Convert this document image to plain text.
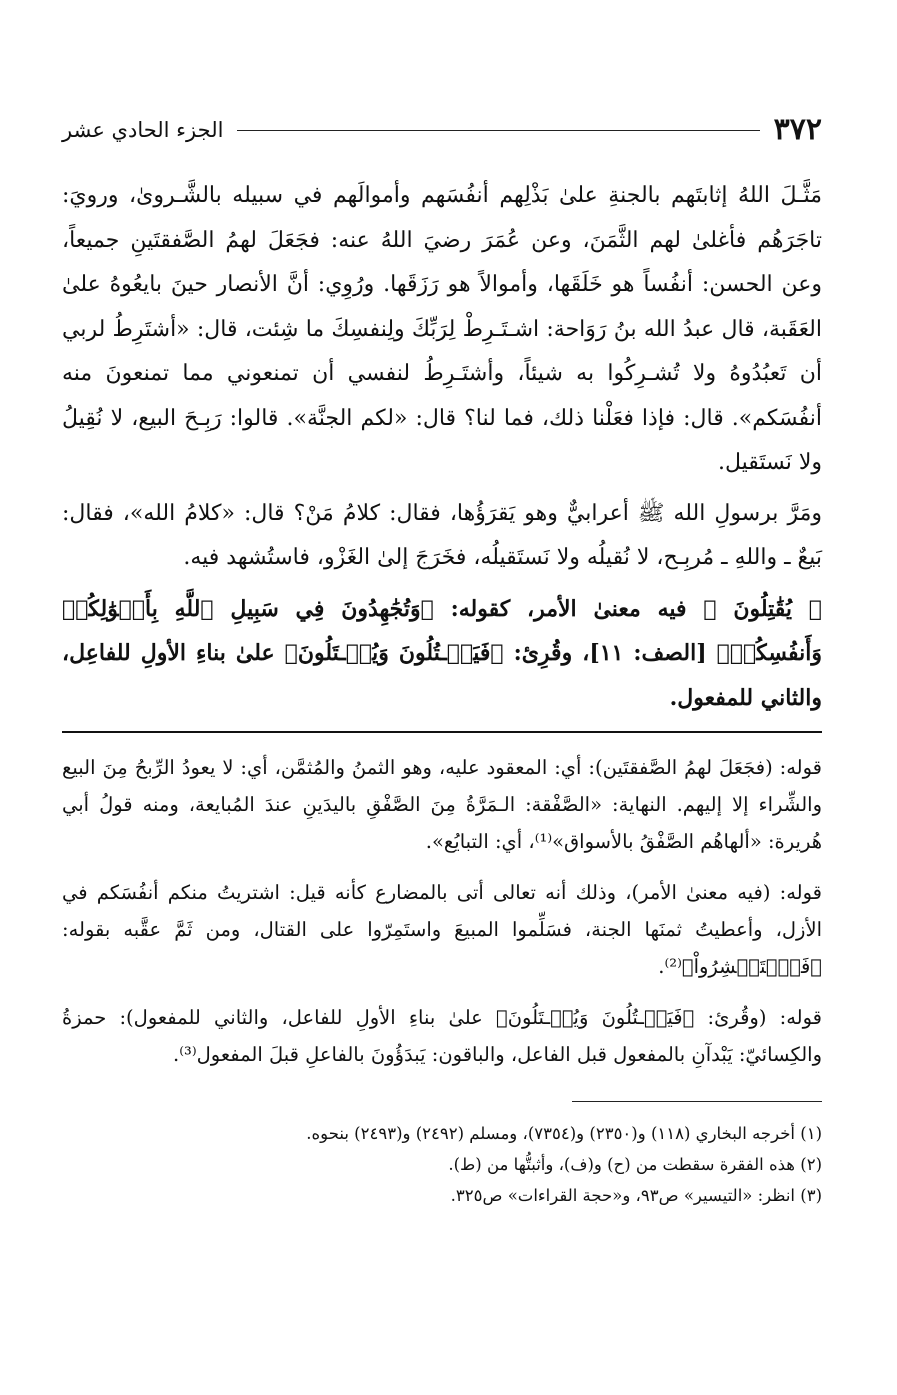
٣٧٢
الجزء الحادي عشر

مَثَّـلَ اللهُ إثابتَهم بالجنةِ علىٰ بَذْلِهم أنفُسَهم وأموالَهم في سبيله بالشَّـروىٰ، ورويَ: تاجَرَهُم فأغلىٰ لهم الثَّمَنَ، وعن عُمَرَ رضيَ اللهُ عنه: فجَعَلَ لهمُ الصَّفقتَينِ جميعاً، وعن الحسن: أنفُساً هو خَلَقَها، وأموالاً هو رَزَقَها. ورُوِي: أنَّ الأنصار حينَ بايعُوهُ علىٰ العَقَبة، قال عبدُ الله بنُ رَوَاحة: اشـتَـرِطْ لِرَبِّكَ ولِنفسِكَ ما شِئت، قال: «أشتَرِطُ لربي أن تَعبُدُوهُ ولا تُشـرِكُوا به شيئاً، وأشتَـرِطُ لنفسي أن تمنعوني مما تمنعونَ منه أنفُسَكم». قال: فإذا فعَلْنا ذلك، فما لنا؟ قال: «لكم الجنَّة». قالوا: رَبِـحَ البيع، لا نُقِيلُ ولا نَستَقيل.

ومَرَّ برسولِ الله ﷺ أعرابيٌّ وهو يَقرَؤُها، فقال: كلامُ مَنْ؟ قال: «كلامُ الله»، فقال: بَيعٌ ـ واللهِ ـ مُربِـح، لا نُقيلُه ولا نَستَقيلُه، فخَرَجَ إلىٰ الغَزْو، فاستُشهد فيه.

﴿ يُقَٰتِلُونَ ﴾ فيه معنىٰ الأمر، كقوله: ﴿وَتُجَٰهِدُونَ فِي سَبِيلِ ٱللَّهِ بِأَمۡوَٰلِكُمۡ وَأَنفُسِكُمۡ﴾ [الصف: ١١]، وقُرِئ: ﴿فَيَقۡـتُلُونَ وَيُقۡـتَلُونَ﴾ علىٰ بناءِ الأولِ للفاعِل، والثاني للمفعول.

قوله: (فجَعَلَ لهمُ الصَّفقتَين): أي: المعقود عليه، وهو الثمنُ والمُثمَّن، أي: لا يعودُ الرِّبحُ مِنَ البيع والشِّراء إلا إليهم. النهاية: «الصَّفْقة: الـمَرَّةُ مِنَ الصَّفْقِ باليدَينِ عندَ المُبايعة، ومنه قولُ أبي هُريرة: «ألهاهُم الصَّفْقُ بالأسواق»⁽¹⁾، أي: التبايُع».

قوله: (فيه معنىٰ الأمر)، وذلك أنه تعالى أتى بالمضارع كأنه قيل: اشتريتُ منكم أنفُسَكم في الأزل، وأعطيتُ ثمنَها الجنة، فسَلِّموا المبيعَ واستَمِرّوا على القتال، ومن ثَمَّ عقَّبه بقوله: ﴿فَٱسۡتَبۡشِرُواْ﴾⁽²⁾.

قوله: (وقُرئ: ﴿فَيَقۡـتُلُونَ وَيُقۡـتَلُونَ﴾ علىٰ بناءِ الأولِ للفاعل، والثاني للمفعول): حمزةُ والكِسائيّ: يَبْدآنِ بالمفعول قبل الفاعل، والباقون: يَبدَؤُونَ بالفاعلِ قبلَ المفعول⁽³⁾.

(١) أخرجه البخاري (١١٨) و(٢٣٥٠) و(٧٣٥٤)، ومسلم (٢٤٩٢) و(٢٤٩٣) بنحوه.

(٢) هذه الفقرة سقطت من (ح) و(ف)، وأثبتُّها من (ط).

(٣) انظر: «التيسير» ص٩٣، و«حجة القراءات» ص٣٢٥.
